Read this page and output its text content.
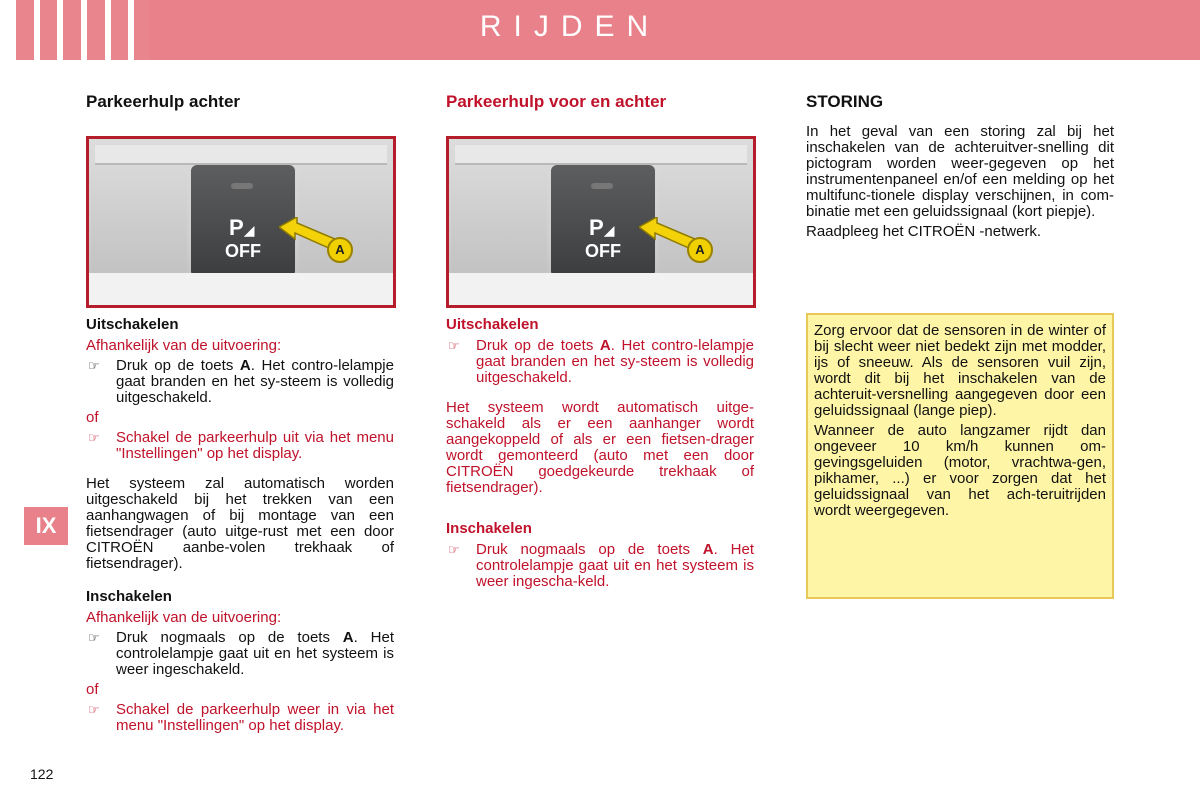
RIJDEN
Parkeerhulp achter
P◢
OFF	A
Uitschakelen

Afhankelijk van de uitvoering:

☞ Druk op de toets A. Het contro-lelampje gaat branden en het sy-steem is volledig uitgeschakeld.

of

☞ Schakel de parkeerhulp uit via het menu "Instellingen" op het display.

Het systeem zal automatisch worden uitgeschakeld bij het trekken van een aanhangwagen of bij montage van een fietsendrager (auto uitge-rust met een door CITROËN aanbe-volen trekhaak of fietsendrager).

Inschakelen

Afhankelijk van de uitvoering:

☞ Druk nogmaals op de toets A. Het controlelampje gaat uit en het systeem is weer ingeschakeld.

of

☞ Schakel de parkeerhulp weer in via het menu "Instellingen" op het display.
Parkeerhulp voor en achter
P◢
OFF	A
Uitschakelen
☞ Druk op de toets A. Het contro-lelampje gaat branden en het sy-steem is volledig uitgeschakeld.

Het systeem wordt automatisch uitge-schakeld als er een aanhanger wordt aangekoppeld of als er een fietsen-drager wordt gemonteerd (auto met een door CITROËN goedgekeurde trekhaak of fietsendrager).

Inschakelen
☞ Druk nogmaals op de toets A. Het controlelampje gaat uit en het systeem is weer ingescha-keld.
STORING

In het geval van een storing zal bij het inschakelen van de achteruitver-snelling dit pictogram worden weer-gegeven op het instrumentenpaneel en/of een melding op het multifunc-tionele display verschijnen, in com-binatie met een geluidssignaal (kort piepje).

Raadpleeg het CITROËN -netwerk.

Zorg ervoor dat de sensoren in de winter of bij slecht weer niet bedekt zijn met modder, ijs of sneeuw. Als de sensoren vuil zijn, wordt dit bij het inschakelen van de achteruit-versnelling aangegeven door een geluidssignaal (lange piep).

Wanneer de auto langzamer rijdt dan ongeveer 10 km/h kunnen om-gevingsgeluiden (motor, vrachtwa-gen, pikhamer, ...) er voor zorgen dat het geluidssignaal van het ach-teruitrijden wordt weergegeven.

IX
122
